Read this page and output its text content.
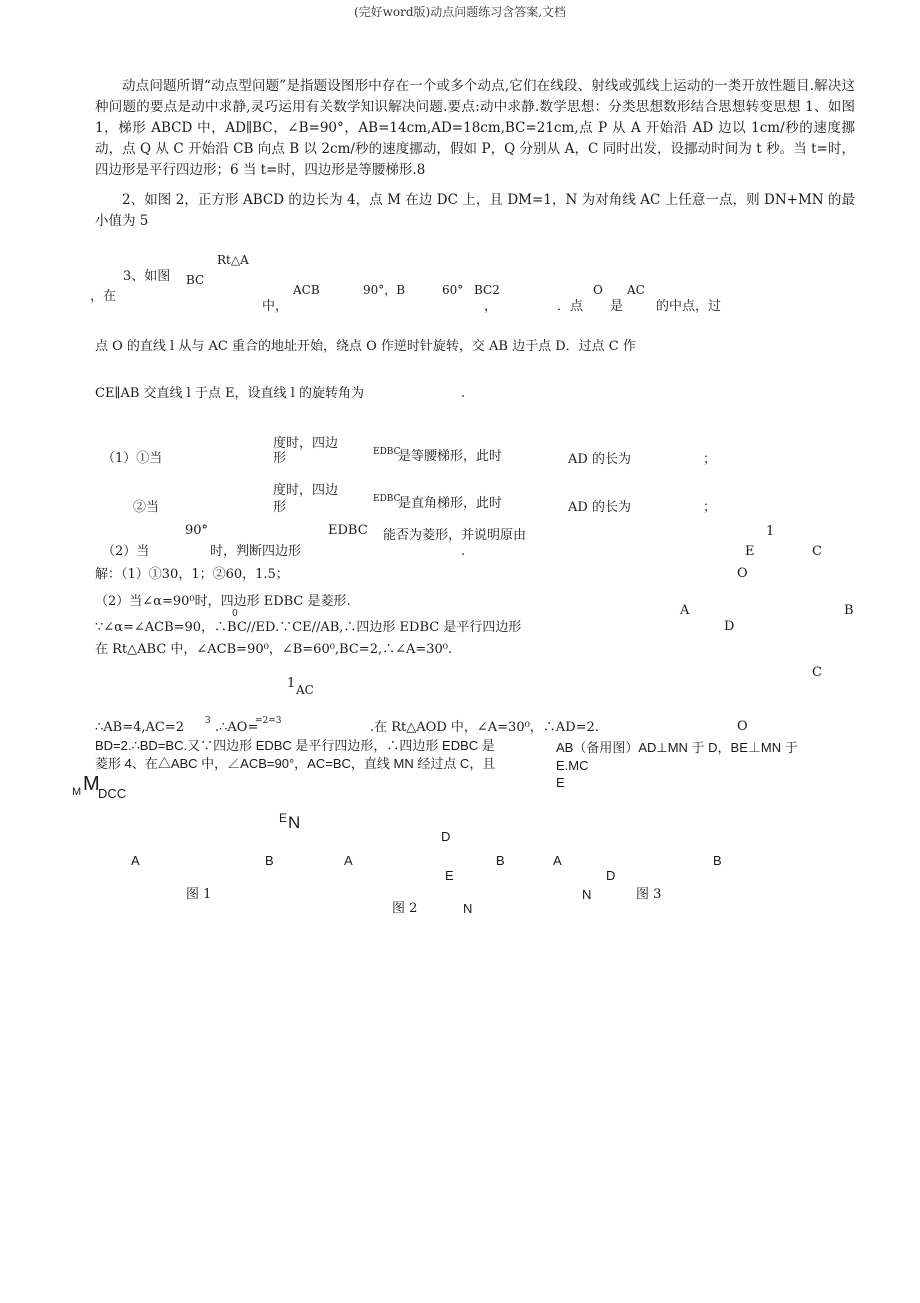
(完好word版)动点问题练习含答案,文档
动点问题所谓“动点型问题”是指题设图形中存在一个或多个动点,它们在线段、射线或弧线上运动的一类开放性题目.解决这种问题的要点是动中求静,灵巧运用有关数学知识解决问题.要点:动中求静.数学思想：分类思想数形结合思想转变思想 1、如图 1，梯形 ABCD 中，AD∥BC，∠B=90°，AB=14cm,AD=18cm,BC=21cm,点 P 从 A 开始沿 AD 边以 1cm/秒的速度挪动，点 Q 从 C 开始沿 CB 向点 B 以 2cm/秒的速度挪动，假如 P，Q 分别从 A，C 同时出发，设挪动时间为 t 秒。当 t=时，四边形是平行四边形；6 当 t=时，四边形是等腰梯形.8
2、如图 2，正方形 ABCD 的边长为 4，点 M 在边 DC 上，且 DM=1，N 为对角线 AC 上任意一点，则 DN+MN 的最小值为 5
Rt△A
3、如图 BC
，在	ACB	90°，B	60° BC2	O AC
中，	，	．点 是	的中点，过
点 O 的直线 l 从与 AC 重合的地址开始，绕点 O 作逆时针旋转，交 AB 边于点 D．过点 C 作
CE∥AB 交直线 l 于点 E，设直线 l 的旋转角为	.
度时，四边
（1）①当	形	EDBC
是等腰梯形，此时	AD 的长为	；
度时，四边
②当	形
EDBC
是直角梯形，此时	AD 的长为	；
90°	EDBC 能否为菱形，并说明原由
（2）当	时，判断四边形	.
解：（1）①30，1；②60，1.5；
（2）当∠α=90⁰时，四边形 EDBC 是菱形.
0
∵∠α=∠ACB=90，∴BC//ED.∵CE//AB,∴四边形 EDBC 是平行四边形
在 Rt△ABC 中，∠ACB=90⁰，∠B=60⁰,BC=2,∴∠A=30⁰.
1 AC
∴AB=4,AC=2 3 .∴AO=
=2=3	.在 Rt△AOD 中，∠A=30⁰，∴AD=2.
BD=2.∴BD=BC.又∵四边形 EDBC 是平行四边形，∴四边形 EDBC 是
菱形 4、在△ABC 中，∠ACB=90°，AC=BC，直线 MN 经过点 C，且
AB（备用图）AD⊥MN 于 D，BE⊥MN 于
E.MC
E
1
E	C
O
A	B
D
C
O
M M
DCC
E N
D
A	B	A	B	A	B
E	D
图 1	N	图 3
图 2	N
